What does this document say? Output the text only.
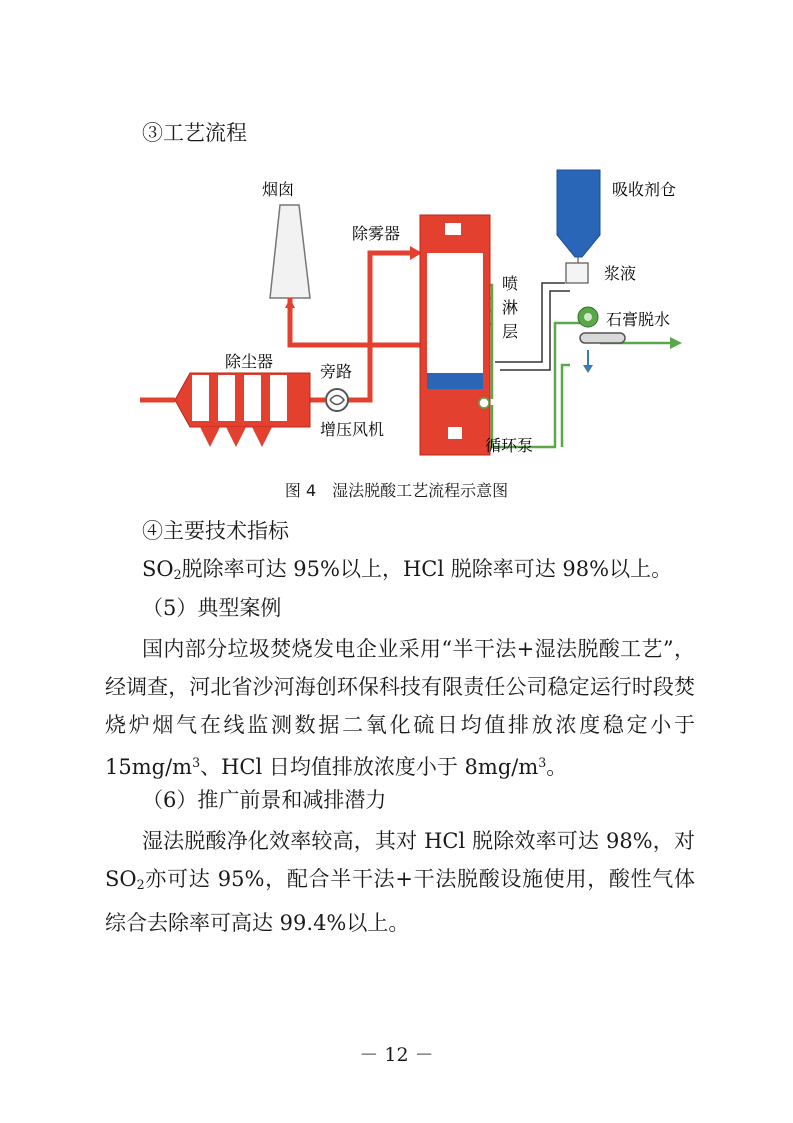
③工艺流程
烟囱
除雾器
吸收剂仓
浆液
喷
淋
层
石膏脱水
除尘器
旁路
增压风机
循环泵
图 4　湿法脱酸工艺流程示意图
④主要技术指标
$SO_2$脱除率可达 95%以上，HCl 脱除率可达 98%以上。
（5）典型案例
国内部分垃圾焚烧发电企业采用“半干法+湿法脱酸工艺”，经调查，河北省沙河海创环保科技有限责任公司稳定运行时段焚烧炉烟气在线监测数据二氧化硫日均值排放浓度稳定小于 $15mg/m^3$、HCl 日均值排放浓度小于 $8mg/m^3$。
（6）推广前景和减排潜力
湿法脱酸净化效率较高，其对 HCl 脱除效率可达 98%，对 $SO_2$亦可达 95%，配合半干法+干法脱酸设施使用，酸性气体综合去除率可高达 99.4%以上。
－ 12 －
